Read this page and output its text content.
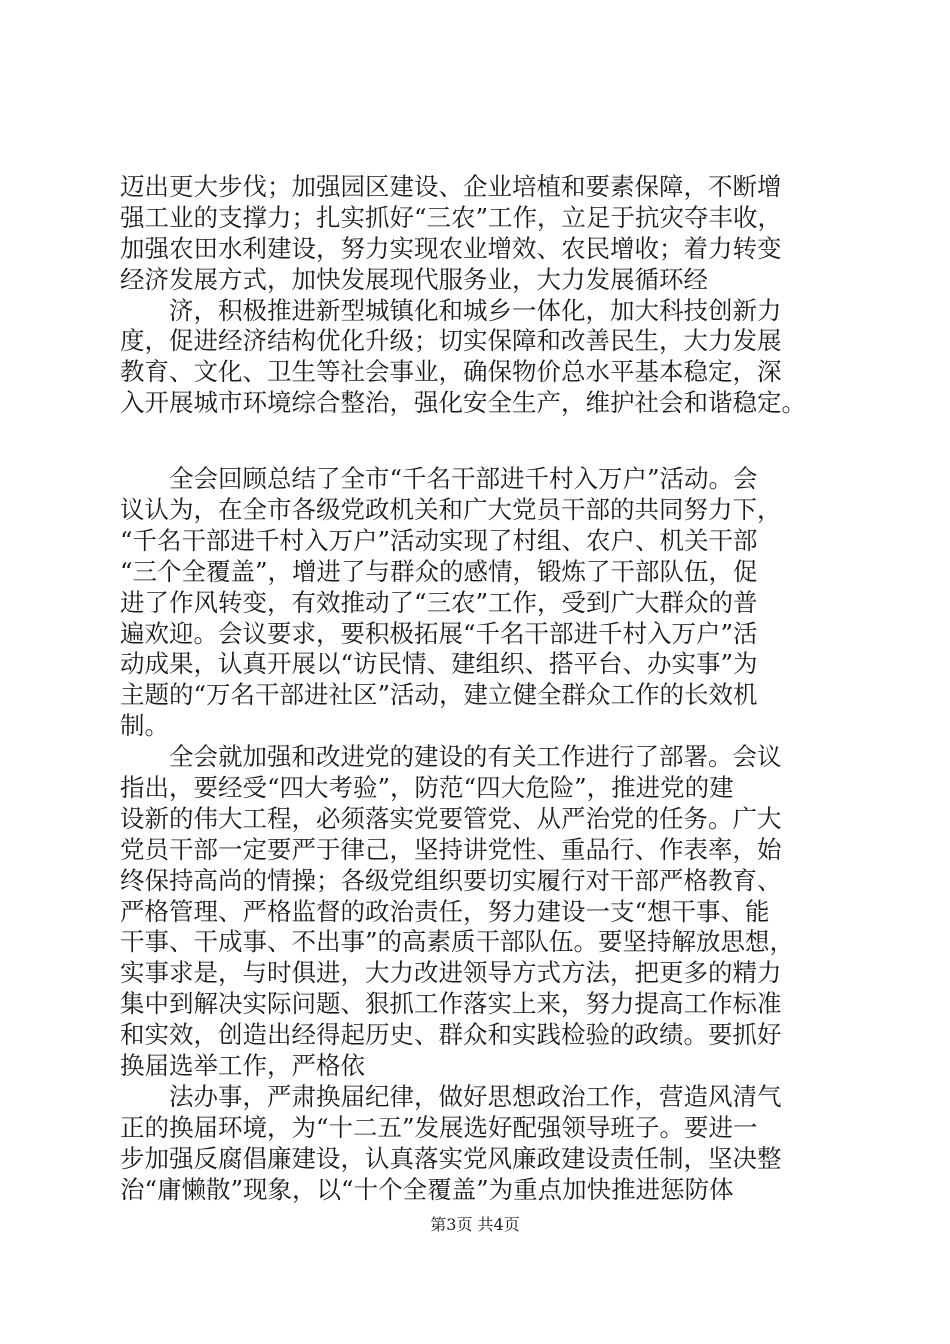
迈出更大步伐；加强园区建设、企业培植和要素保障，不断增
强工业的支撑力；扎实抓好“三农”工作，立足于抗灾夺丰收，
加强农田水利建设，努力实现农业增效、农民增收；着力转变
经济发展方式，加快发展现代服务业，大力发展循环经
　　济，积极推进新型城镇化和城乡一体化，加大科技创新力
度，促进经济结构优化升级；切实保障和改善民生，大力发展
教育、文化、卫生等社会事业，确保物价总水平基本稳定，深
入开展城市环境综合整治，强化安全生产，维护社会和谐稳定。
　　全会回顾总结了全市“千名干部进千村入万户”活动。会
议认为，在全市各级党政机关和广大党员干部的共同努力下，
“千名干部进千村入万户”活动实现了村组、农户、机关干部
“三个全覆盖”，增进了与群众的感情，锻炼了干部队伍，促
进了作风转变，有效推动了“三农”工作，受到广大群众的普
遍欢迎。会议要求，要积极拓展“千名干部进千村入万户”活
动成果，认真开展以“访民情、建组织、搭平台、办实事”为
主题的“万名干部进社区”活动，建立健全群众工作的长效机
制。
　　全会就加强和改进党的建设的有关工作进行了部署。会议
指出，要经受“四大考验”，防范“四大危险”，推进党的建
设新的伟大工程，必须落实党要管党、从严治党的任务。广大
党员干部一定要严于律己，坚持讲党性、重品行、作表率，始
终保持高尚的情操；各级党组织要切实履行对干部严格教育、
严格管理、严格监督的政治责任，努力建设一支“想干事、能
干事、干成事、不出事”的高素质干部队伍。要坚持解放思想，
实事求是，与时俱进，大力改进领导方式方法，把更多的精力
集中到解决实际问题、狠抓工作落实上来，努力提高工作标准
和实效，创造出经得起历史、群众和实践检验的政绩。要抓好
换届选举工作，严格依
　　法办事，严肃换届纪律，做好思想政治工作，营造风清气
正的换届环境，为“十二五”发展选好配强领导班子。要进一
步加强反腐倡廉建设，认真落实党风廉政建设责任制，坚决整
治“庸懒散”现象，以“十个全覆盖”为重点加快推进惩防体
第3页 共4页
